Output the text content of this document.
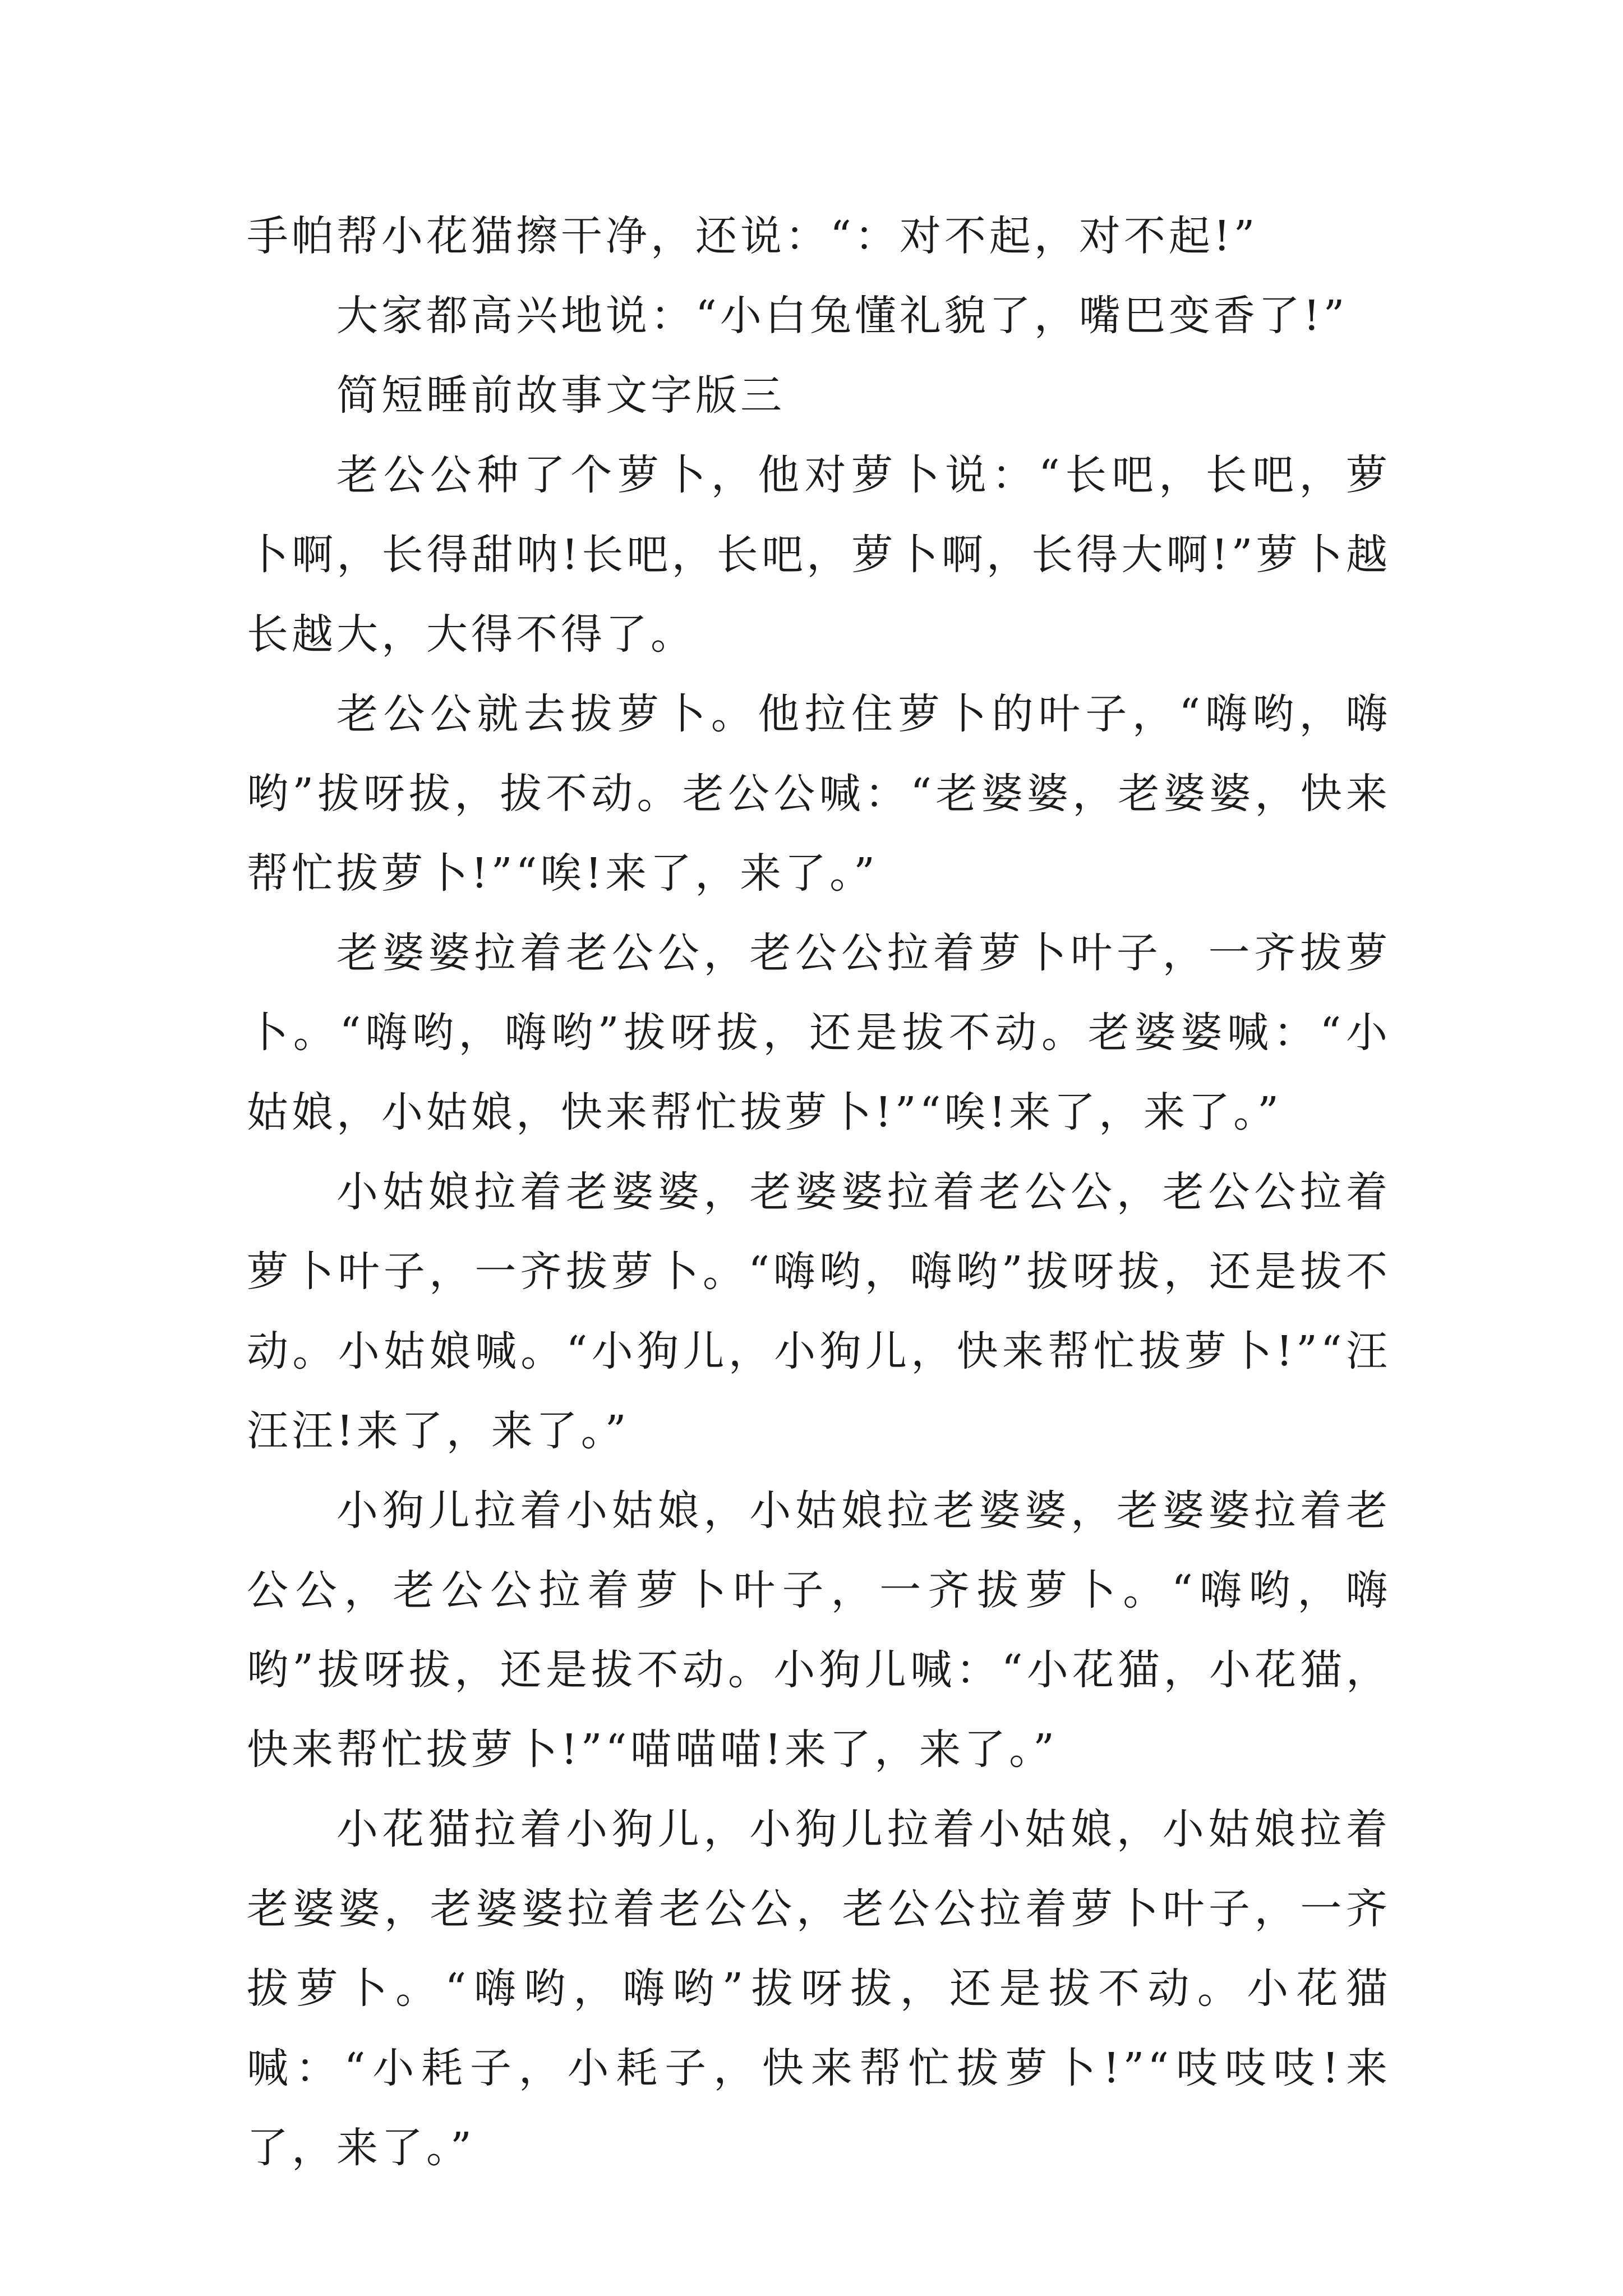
手帕帮小花猫擦干净，还说：“：对不起，对不起!”

大家都高兴地说：“小白兔懂礼貌了，嘴巴变香了!”

简短睡前故事文字版三

老公公种了个萝卜，他对萝卜说：“长吧，长吧，萝卜啊，长得甜呐!长吧，长吧，萝卜啊，长得大啊!”萝卜越长越大，大得不得了。

老公公就去拔萝卜。他拉住萝卜的叶子，“嗨哟，嗨哟”拔呀拔，拔不动。老公公喊：“老婆婆，老婆婆，快来帮忙拔萝卜!”“唉!来了，来了。”

老婆婆拉着老公公，老公公拉着萝卜叶子，一齐拔萝卜。“嗨哟，嗨哟”拔呀拔，还是拔不动。老婆婆喊：“小姑娘，小姑娘，快来帮忙拔萝卜!”“唉!来了，来了。”

小姑娘拉着老婆婆，老婆婆拉着老公公，老公公拉着萝卜叶子，一齐拔萝卜。“嗨哟，嗨哟”拔呀拔，还是拔不动。小姑娘喊。“小狗儿，小狗儿，快来帮忙拔萝卜!”“汪汪汪!来了，来了。”

小狗儿拉着小姑娘，小姑娘拉老婆婆，老婆婆拉着老公公，老公公拉着萝卜叶子，一齐拔萝卜。“嗨哟，嗨哟”拔呀拔，还是拔不动。小狗儿喊：“小花猫，小花猫，快来帮忙拔萝卜!”“喵喵喵!来了，来了。”

小花猫拉着小狗儿，小狗儿拉着小姑娘，小姑娘拉着老婆婆，老婆婆拉着老公公，老公公拉着萝卜叶子，一齐拔萝卜。“嗨哟，嗨哟”拔呀拔，还是拔不动。小花猫喊：“小耗子，小耗子，快来帮忙拔萝卜!”“吱吱吱!来了，来了。”
